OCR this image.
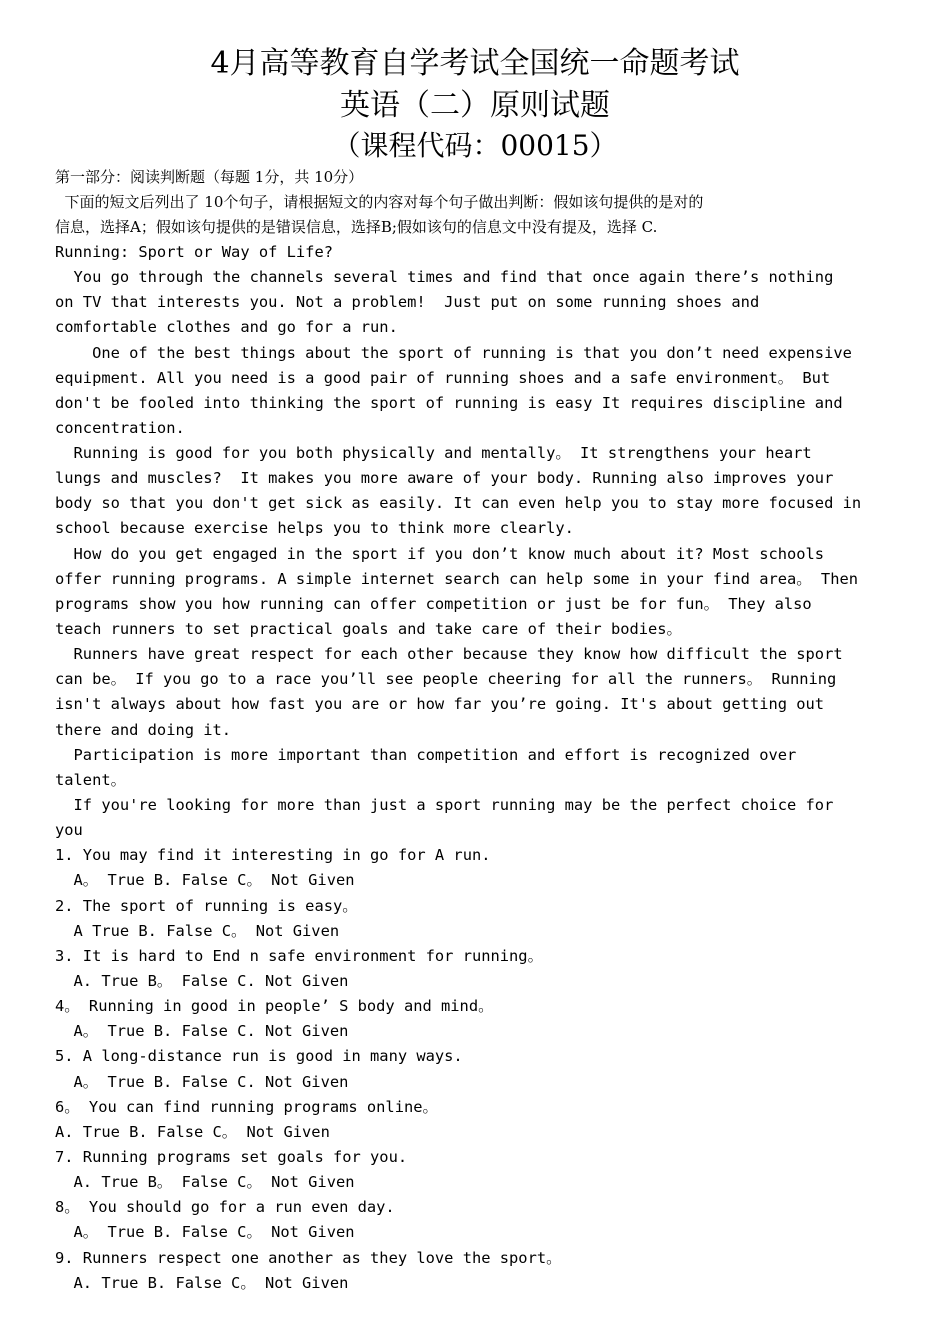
4月高等教育自学考试全国统一命题考试
英语（二）原则试题
（课程代码：00015）
第一部分：阅读判断题（每题 1分，共 10分）
下面的短文后列出了 10个句子，请根据短文的内容对每个句子做出判断：假如该句提供的是对的
信息，选择A；假如该句提供的是错误信息，选择B;假如该句的信息文中没有提及，选择 C.
Running: Sport or Way of Life?
You go through the channels several times and find that once again there’s nothing
on TV that interests you. Not a problem!  Just put on some running shoes and
comfortable clothes and go for a run.
One of the best things about the sport of running is that you don’t need expensive
equipment. All you need is a good pair of running shoes and a safe environment。 But
don't be fooled into thinking the sport of running is easy It requires discipline and
concentration.
Running is good for you both physically and mentally。 It strengthens your heart
lungs and muscles?  It makes you more aware of your body. Running also improves your
body so that you don't get sick as easily. It can even help you to stay more focused in
school because exercise helps you to think more clearly.
How do you get engaged in the sport if you don’t know much about it? Most schools
offer running programs. A simple internet search can help some in your find area。 Then
programs show you how running can offer competition or just be for fun。 They also
teach runners to set practical goals and take care of their bodies。
Runners have great respect for each other because they know how difficult the sport
can be。 If you go to a race you’ll see people cheering for all the runners。 Running
isn't always about how fast you are or how far you’re going. It's about getting out
there and doing it.
Participation is more important than competition and effort is recognized over
talent。
If you're looking for more than just a sport running may be the perfect choice for
you
1. You may find it interesting in go for A run.
A。 True B. False C。 Not Given
2. The sport of running is easy。
A True B. False C。 Not Given
3. It is hard to End n safe environment for running。
A. True B。 False C. Not Given
4。 Running in good in people’ S body and mind。
A。 True B. False C. Not Given
5. A long-distance run is good in many ways.
A。 True B. False C. Not Given
6。 You can find running programs online。
A. True B. False C。 Not Given
7. Running programs set goals for you.
A. True B。 False C。 Not Given
8。 You should go for a run even day.
A。 True B. False C。 Not Given
9. Runners respect one another as they love the sport。
A. True B. False C。 Not Given
